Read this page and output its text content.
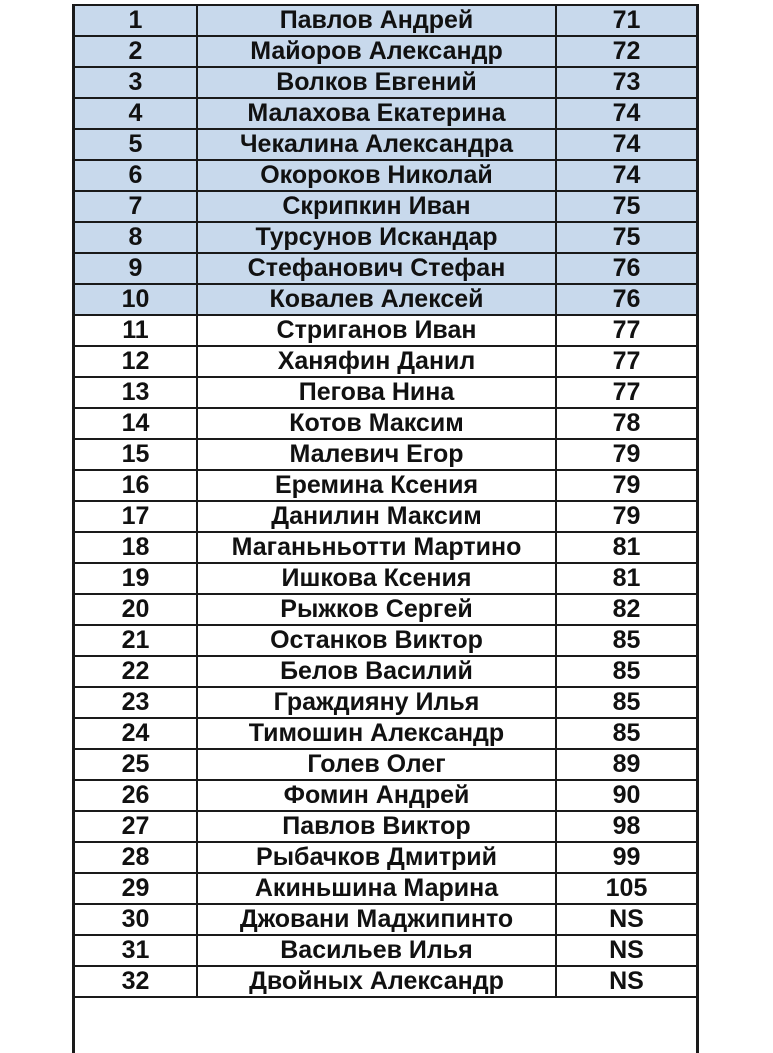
1	Павлов Андрей	71
2	Майоров Александр	72
3	Волков Евгений	73
4	Малахова Екатерина	74
5	Чекалина Александра	74
6	Окороков Николай	74
7	Скрипкин Иван	75
8	Турсунов Искандар	75
9	Стефанович Стефан	76
10	Ковалев Алексей	76
11	Стриганов Иван	77
12	Ханяфин Данил	77
13	Пегова Нина	77
14	Котов Максим	78
15	Малевич Егор	79
16	Еремина Ксения	79
17	Данилин Максим	79
18	Маганьньотти Мартино	81
19	Ишкова Ксения	81
20	Рыжков Сергей	82
21	Останков Виктор	85
22	Белов Василий	85
23	Граждияну Илья	85
24	Тимошин Александр	85
25	Голев Олег	89
26	Фомин Андрей	90
27	Павлов Виктор	98
28	Рыбачков Дмитрий	99
29	Акиньшина Марина	105
30	Джовани Маджипинто	NS
31	Васильев Илья	NS
32	Двойных Александр	NS
